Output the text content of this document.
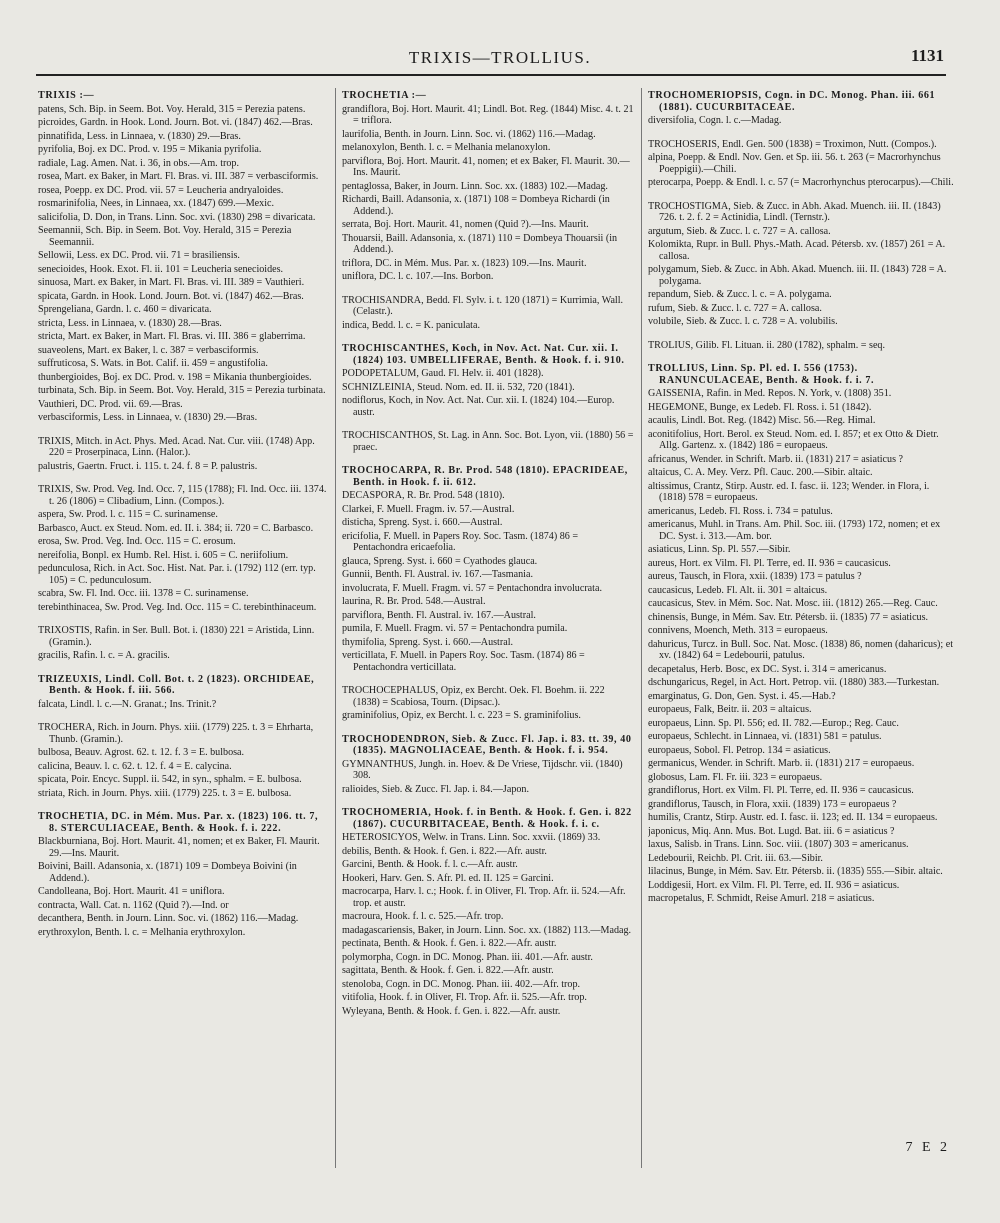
TRIXIS—TROLLIUS.	1131
TRIXIS :—
patens, Sch. Bip. in Seem. Bot. Voy. Herald, 315 = Perezia patens.
picroides, Gardn. in Hook. Lond. Journ. Bot. vi. (1847) 462.—Bras.
pinnatifida, Less. in Linnaea, v. (1830) 29.—Bras.
pyrifolia, Boj. ex DC. Prod. v. 195 = Mikania pyrifolia.
radiale, Lag. Amen. Nat. i. 36, in obs.—Am. trop.
rosea, Mart. ex Baker, in Mart. Fl. Bras. vi. III. 387 = verbasciformis.
rosea, Poepp. ex DC. Prod. vii. 57 = Leucheria andryaloides.
rosmarinifolia, Nees, in Linnaea, xx. (1847) 699.—Mexic.
salicifolia, D. Don, in Trans. Linn. Soc. xvi. (1830) 298 = divaricata.
Seemannii, Sch. Bip. in Seem. Bot. Voy. Herald, 315 = Perezia Seemannii.
Sellowii, Less. ex DC. Prod. vii. 71 = brasiliensis.
senecioides, Hook. Exot. Fl. ii. 101 = Leucheria senecioides.
sinuosa, Mart. ex Baker, in Mart. Fl. Bras. vi. III. 389 = Vauthieri.
spicata, Gardn. in Hook. Lond. Journ. Bot. vi. (1847) 462.—Bras.
Sprengeliana, Gardn. l. c. 460 = divaricata.
stricta, Less. in Linnaea, v. (1830) 28.—Bras.
stricta, Mart. ex Baker, in Mart. Fl. Bras. vi. III. 386 = glaberrima.
suaveolens, Mart. ex Baker, l. c. 387 = verbasciformis.
suffruticosa, S. Wats. in Bot. Calif. ii. 459 = angustifolia.
thunbergioides, Boj. ex DC. Prod. v. 198 = Mikania thunbergioides.
turbinata, Sch. Bip. in Seem. Bot. Voy. Herald, 315 = Perezia turbinata.
Vauthieri, DC. Prod. vii. 69.—Bras.
verbasciformis, Less. in Linnaea, v. (1830) 29.—Bras.
TRIXIS, Mitch. in Act. Phys. Med. Acad. Nat. Cur. viii. (1748) App. 220 = Proserpinaca, Linn. (Halor.).
palustris, Gaertn. Fruct. i. 115. t. 24. f. 8 = P. palustris.
TRIXIS, Sw. Prod. Veg. Ind. Occ. 7, 115 (1788); Fl. Ind. Occ. iii. 1374. t. 26 (1806) = Clibadium, Linn. (Compos.).
aspera, Sw. Prod. l. c. 115 = C. surinamense.
Barbasco, Auct. ex Steud. Nom. ed. II. i. 384; ii. 720 = C. Barbasco.
erosa, Sw. Prod. Veg. Ind. Occ. 115 = C. erosum.
nereifolia, Bonpl. ex Humb. Rel. Hist. i. 605 = C. neriifolium.
pedunculosa, Rich. in Act. Soc. Hist. Nat. Par. i. (1792) 112 (err. typ. 105) = C. pedunculosum.
scabra, Sw. Fl. Ind. Occ. iii. 1378 = C. surinamense.
terebinthinacea, Sw. Prod. Veg. Ind. Occ. 115 = C. terebinthinaceum.
TRIXOSTIS, Rafin. in Ser. Bull. Bot. i. (1830) 221 = Aristida, Linn. (Gramin.).
gracilis, Rafin. l. c. = A. gracilis.
TRIZEUXIS, Lindl. Coll. Bot. t. 2 (1823). ORCHIDEAE, Benth. & Hook. f. iii. 566.
falcata, Lindl. l. c.—N. Granat.; Ins. Trinit.?
TROCHERA, Rich. in Journ. Phys. xiii. (1779) 225. t. 3 = Ehrharta, Thunb. (Gramin.).
bulbosa, Beauv. Agrost. 62. t. 12. f. 3 = E. bulbosa.
calicina, Beauv. l. c. 62. t. 12. f. 4 = E. calycina.
spicata, Poir. Encyc. Suppl. ii. 542, in syn., sphalm. = E. bulbosa.
striata, Rich. in Journ. Phys. xiii. (1779) 225. t. 3 = E. bulbosa.
TROCHETIA, DC. in Mém. Mus. Par. x. (1823) 106. tt. 7, 8. STERCULIACEAE, Benth. & Hook. f. i. 222.
Blackburniana, Boj. Hort. Maurit. 41, nomen; et ex Baker, Fl. Maurit. 29.—Ins. Maurit.
Boivini, Baill. Adansonia, x. (1871) 109 = Dombeya Boivini (in Addend.).
Candolleana, Boj. Hort. Maurit. 41 = uniflora.
contracta, Wall. Cat. n. 1162 (Quid ?).—Ind. or
decanthera, Benth. in Journ. Linn. Soc. vi. (1862) 116.—Madag.
erythroxylon, Benth. l. c. = Melhania erythroxylon.
TROCHETIA :—
grandiflora, Boj. Hort. Maurit. 41; Lindl. Bot. Reg. (1844) Misc. 4. t. 21 = triflora.
laurifolia, Benth. in Journ. Linn. Soc. vi. (1862) 116.—Madag.
melanoxylon, Benth. l. c. = Melhania melanoxylon.
parviflora, Boj. Hort. Maurit. 41, nomen; et ex Baker, Fl. Maurit. 30.—Ins. Maurit.
pentaglossa, Baker, in Journ. Linn. Soc. xx. (1883) 102.—Madag.
Richardi, Baill. Adansonia, x. (1871) 108 = Dombeya Richardi (in Addend.).
serrata, Boj. Hort. Maurit. 41, nomen (Quid ?).—Ins. Maurit.
Thouarsii, Baill. Adansonia, x. (1871) 110 = Dombeya Thouarsii (in Addend.).
triflora, DC. in Mém. Mus. Par. x. (1823) 109.—Ins. Maurit.
uniflora, DC. l. c. 107.—Ins. Borbon.
TROCHISANDRA, Bedd. Fl. Sylv. i. t. 120 (1871) = Kurrimia, Wall. (Celastr.).
indica, Bedd. l. c. = K. paniculata.
TROCHISCANTHES, Koch, in Nov. Act. Nat. Cur. xii. I. (1824) 103. UMBELLIFERAE, Benth. & Hook. f. i. 910.
PODOPETALUM, Gaud. Fl. Helv. ii. 401 (1828).
SCHNIZLEINIA, Steud. Nom. ed. II. ii. 532, 720 (1841).
nodiflorus, Koch, in Nov. Act. Nat. Cur. xii. I. (1824) 104.—Europ. austr.
TROCHISCANTHOS, St. Lag. in Ann. Soc. Bot. Lyon, vii. (1880) 56 = praec.
TROCHOCARPA, R. Br. Prod. 548 (1810). EPACRIDEAE, Benth. in Hook. f. ii. 612.
DECASPORA, R. Br. Prod. 548 (1810).
Clarkei, F. Muell. Fragm. iv. 57.—Austral.
disticha, Spreng. Syst. i. 660.—Austral.
ericifolia, F. Muell. in Papers Roy. Soc. Tasm. (1874) 86 = Pentachondra ericaefolia.
glauca, Spreng. Syst. i. 660 = Cyathodes glauca.
Gunnii, Benth. Fl. Austral. iv. 167.—Tasmania.
involucrata, F. Muell. Fragm. vi. 57 = Pentachondra involucrata.
laurina, R. Br. Prod. 548.—Austral.
parviflora, Benth. Fl. Austral. iv. 167.—Austral.
pumila, F. Muell. Fragm. vi. 57 = Pentachondra pumila.
thymifolia, Spreng. Syst. i. 660.—Austral.
verticillata, F. Muell. in Papers Roy. Soc. Tasm. (1874) 86 = Pentachondra verticillata.
TROCHOCEPHALUS, Opiz, ex Bercht. Oek. Fl. Boehm. ii. 222 (1838) = Scabiosa, Tourn. (Dipsac.).
graminifolius, Opiz, ex Bercht. l. c. 223 = S. graminifolius.
TROCHODENDRON, Sieb. & Zucc. Fl. Jap. i. 83. tt. 39, 40 (1835). MAGNOLIACEAE, Benth. & Hook. f. i. 954.
GYMNANTHUS, Jungh. in. Hoev. & De Vriese, Tijdschr. vii. (1840) 308.
ralioides, Sieb. & Zucc. Fl. Jap. i. 84.—Japon.
TROCHOMERIA, Hook. f. in Benth. & Hook. f. Gen. i. 822 (1867). CUCURBITACEAE, Benth. & Hook. f. i. c.
HETEROSICYOS, Welw. in Trans. Linn. Soc. xxvii. (1869) 33.
debilis, Benth. & Hook. f. Gen. i. 822.—Afr. austr.
Garcini, Benth. & Hook. f. l. c.—Afr. austr.
Hookeri, Harv. Gen. S. Afr. Pl. ed. II. 125 = Garcini.
macrocarpa, Harv. l. c.; Hook. f. in Oliver, Fl. Trop. Afr. ii. 524.—Afr. trop. et austr.
macroura, Hook. f. l. c. 525.—Afr. trop.
madagascariensis, Baker, in Journ. Linn. Soc. xx. (1882) 113.—Madag.
pectinata, Benth. & Hook. f. Gen. i. 822.—Afr. austr.
polymorpha, Cogn. in DC. Monog. Phan. iii. 401.—Afr. austr.
sagittata, Benth. & Hook. f. Gen. i. 822.—Afr. austr.
stenoloba, Cogn. in DC. Monog. Phan. iii. 402.—Afr. trop.
vitifolia, Hook. f. in Oliver, Fl. Trop. Afr. ii. 525.—Afr. trop.
Wyleyana, Benth. & Hook. f. Gen. i. 822.—Afr. austr.
TROCHOMERIOPSIS, Cogn. in DC. Monog. Phan. iii. 661 (1881). CUCURBITACEAE.
diversifolia, Cogn. l. c.—Madag.
TROCHOSERIS, Endl. Gen. 500 (1838) = Troximon, Nutt. (Compos.).
alpina, Poepp. & Endl. Nov. Gen. et Sp. iii. 56. t. 263 (= Macrorhynchus Poeppigii).—Chili.
pterocarpa, Poepp. & Endl. l. c. 57 (= Macrorhynchus pterocarpus).—Chili.
TROCHOSTIGMA, Sieb. & Zucc. in Abh. Akad. Muench. iii. II. (1843) 726. t. 2. f. 2 = Actinidia, Lindl. (Ternstr.).
argutum, Sieb. & Zucc. l. c. 727 = A. callosa.
Kolomikta, Rupr. in Bull. Phys.-Math. Acad. Pétersb. xv. (1857) 261 = A. callosa.
polygamum, Sieb. & Zucc. in Abh. Akad. Muench. iii. II. (1843) 728 = A. polygama.
repandum, Sieb. & Zucc. l. c. = A. polygama.
rufum, Sieb. & Zucc. l. c. 727 = A. callosa.
volubile, Sieb. & Zucc. l. c. 728 = A. volubilis.
TROLIUS, Gilib. Fl. Lituan. ii. 280 (1782), sphalm. = seq.
TROLLIUS, Linn. Sp. Pl. ed. I. 556 (1753). RANUNCULACEAE, Benth. & Hook. f. i. 7.
GAISSENIA, Rafin. in Med. Repos. N. York, v. (1808) 351.
HEGEMONE, Bunge, ex Ledeb. Fl. Ross. i. 51 (1842).
acaulis, Lindl. Bot. Reg. (1842) Misc. 56.—Reg. Himal.
aconitifolius, Hort. Berol. ex Steud. Nom. ed. I. 857; et ex Otto & Dietr. Allg. Gartenz. x. (1842) 186 = europaeus.
africanus, Wender. in Schrift. Marb. ii. (1831) 217 = asiaticus ?
altaicus, C. A. Mey. Verz. Pfl. Cauc. 200.—Sibir. altaic.
altissimus, Crantz, Stirp. Austr. ed. I. fasc. ii. 123; Wender. in Flora, i. (1818) 578 = europaeus.
americanus, Ledeb. Fl. Ross. i. 734 = patulus.
americanus, Muhl. in Trans. Am. Phil. Soc. iii. (1793) 172, nomen; et ex DC. Syst. i. 313.—Am. bor.
asiaticus, Linn. Sp. Pl. 557.—Sibir.
aureus, Hort. ex Vilm. Fl. Pl. Terre, ed. II. 936 = caucasicus.
aureus, Tausch, in Flora, xxii. (1839) 173 = patulus ?
caucasicus, Ledeb. Fl. Alt. ii. 301 = altaicus.
caucasicus, Stev. in Mém. Soc. Nat. Mosc. iii. (1812) 265.—Reg. Cauc.
chinensis, Bunge, in Mém. Sav. Etr. Pétersb. ii. (1835) 77 = asiaticus.
connivens, Moench, Meth. 313 = europaeus.
dahuricus, Turcz. in Bull. Soc. Nat. Mosc. (1838) 86, nomen (daharicus); et xv. (1842) 64 = Ledebourii, patulus.
decapetalus, Herb. Bosc, ex DC. Syst. i. 314 = americanus.
dschungaricus, Regel, in Act. Hort. Petrop. vii. (1880) 383.—Turkestan.
emarginatus, G. Don, Gen. Syst. i. 45.—Hab.?
europaeus, Falk, Beitr. ii. 203 = altaicus.
europaeus, Linn. Sp. Pl. 556; ed. II. 782.—Europ.; Reg. Cauc.
europaeus, Schlecht. in Linnaea, vi. (1831) 581 = patulus.
europaeus, Sobol. Fl. Petrop. 134 = asiaticus.
germanicus, Wender. in Schrift. Marb. ii. (1831) 217 = europaeus.
globosus, Lam. Fl. Fr. iii. 323 = europaeus.
grandiflorus, Hort. ex Vilm. Fl. Pl. Terre, ed. II. 936 = caucasicus.
grandiflorus, Tausch, in Flora, xxii. (1839) 173 = europaeus ?
humilis, Crantz, Stirp. Austr. ed. I. fasc. ii. 123; ed. II. 134 = europaeus.
japonicus, Miq. Ann. Mus. Bot. Lugd. Bat. iii. 6 = asiaticus ?
laxus, Salisb. in Trans. Linn. Soc. viii. (1807) 303 = americanus.
Ledebourii, Reichb. Pl. Crit. iii. 63.—Sibir.
lilacinus, Bunge, in Mém. Sav. Etr. Pétersb. ii. (1835) 555.—Sibir. altaic.
Loddigesii, Hort. ex Vilm. Fl. Pl. Terre, ed. II. 936 = asiaticus.
macropetalus, F. Schmidt, Reise Amurl. 218 = asiaticus.
7 E 2
